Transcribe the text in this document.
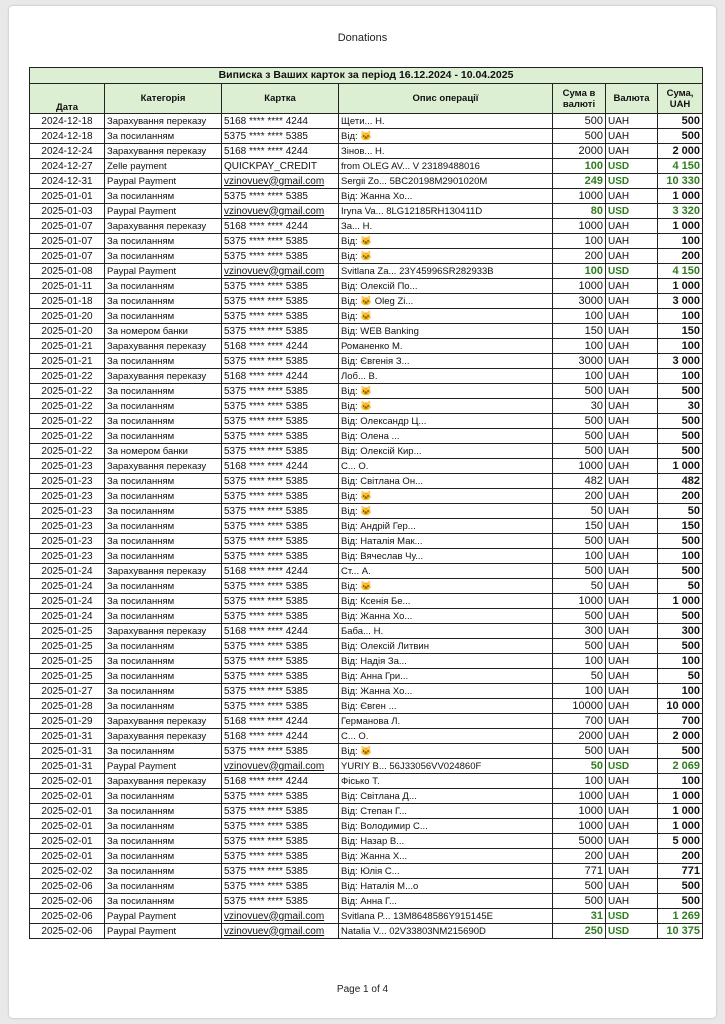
Donations
Виписка з Ваших карток за період 16.12.2024 - 10.04.2025						
Дата	Категорія	Картка	Опис операції	Сума в валюті	Валюта	Сума, UAH
2024-12-18	Зарахування переказу	5168 **** **** 4244	Щети... Н.	500	UAH	500
2024-12-18	За посиланням	5375 **** **** 5385	Від: 🐱	500	UAH	500
2024-12-24	Зарахування переказу	5168 **** **** 4244	Зінов... Н.	2000	UAH	2 000
2024-12-27	Zelle payment	QUICKPAY_CREDIT	from OLEG AV... V 23189488016	100	USD	4 150
2024-12-31	Paypal Payment	vzinovuev@gmail.com	Sergii Zo... 5BC20198M2901020M	249	USD	10 330
2025-01-01	За посиланням	5375 **** **** 5385	Від: Жанна Хо...	1000	UAH	1 000
2025-01-03	Paypal Payment	vzinovuev@gmail.com	Iryna Va... 8LG12185RH130411D	80	USD	3 320
2025-01-07	Зарахування переказу	5168 **** **** 4244	За... Н.	1000	UAH	1 000
2025-01-07	За посиланням	5375 **** **** 5385	Від: 🐱	100	UAH	100
2025-01-07	За посиланням	5375 **** **** 5385	Від: 🐱	200	UAH	200
2025-01-08	Paypal Payment	vzinovuev@gmail.com	Svitlana Za... 23Y45996SR282933B	100	USD	4 150
2025-01-11	За посиланням	5375 **** **** 5385	Від: Олексій По...	1000	UAH	1 000
2025-01-18	За посиланням	5375 **** **** 5385	Від: 🐱 Oleg Zi...	3000	UAH	3 000
2025-01-20	За посиланням	5375 **** **** 5385	Від: 🐱	100	UAH	100
2025-01-20	За номером банки	5375 **** **** 5385	Від: WEB Banking	150	UAH	150
2025-01-21	Зарахування переказу	5168 **** **** 4244	Романенко М.	100	UAH	100
2025-01-21	За посиланням	5375 **** **** 5385	Від: Євгенія З...	3000	UAH	3 000
2025-01-22	Зарахування переказу	5168 **** **** 4244	Лоб... В.	100	UAH	100
2025-01-22	За посиланням	5375 **** **** 5385	Від: 🐱	500	UAH	500
2025-01-22	За посиланням	5375 **** **** 5385	Від: 🐱	30	UAH	30
2025-01-22	За посиланням	5375 **** **** 5385	Від: Олександр Ц...	500	UAH	500
2025-01-22	За посиланням	5375 **** **** 5385	Від: Олена ...	500	UAH	500
2025-01-22	За номером банки	5375 **** **** 5385	Від: Олексій Кир...	500	UAH	500
2025-01-23	Зарахування переказу	5168 **** **** 4244	С... О.	1000	UAH	1 000
2025-01-23	За посиланням	5375 **** **** 5385	Від: Світлана Он...	482	UAH	482
2025-01-23	За посиланням	5375 **** **** 5385	Від: 🐱	200	UAH	200
2025-01-23	За посиланням	5375 **** **** 5385	Від: 🐱	50	UAH	50
2025-01-23	За посиланням	5375 **** **** 5385	Від: Андрій Гер...	150	UAH	150
2025-01-23	За посиланням	5375 **** **** 5385	Від: Наталія Мак...	500	UAH	500
2025-01-23	За посиланням	5375 **** **** 5385	Від: Вячеслав Чу...	100	UAH	100
2025-01-24	Зарахування переказу	5168 **** **** 4244	Ст... А.	500	UAH	500
2025-01-24	За посиланням	5375 **** **** 5385	Від: 🐱	50	UAH	50
2025-01-24	За посиланням	5375 **** **** 5385	Від: Ксенія Бе...	1000	UAH	1 000
2025-01-24	За посиланням	5375 **** **** 5385	Від: Жанна Хо...	500	UAH	500
2025-01-25	Зарахування переказу	5168 **** **** 4244	Баба... Н.	300	UAH	300
2025-01-25	За посиланням	5375 **** **** 5385	Від: Олексій Литвин	500	UAH	500
2025-01-25	За посиланням	5375 **** **** 5385	Від: Надія За...	100	UAH	100
2025-01-25	За посиланням	5375 **** **** 5385	Від: Анна Гри...	50	UAH	50
2025-01-27	За посиланням	5375 **** **** 5385	Від: Жанна Хо...	100	UAH	100
2025-01-28	За посиланням	5375 **** **** 5385	Від: Євген ...	10000	UAH	10 000
2025-01-29	Зарахування переказу	5168 **** **** 4244	Германова Л.	700	UAH	700
2025-01-31	Зарахування переказу	5168 **** **** 4244	С... О.	2000	UAH	2 000
2025-01-31	За посиланням	5375 **** **** 5385	Від: 🐱	500	UAH	500
2025-01-31	Paypal Payment	vzinovuev@gmail.com	YURIY B... 56J33056VV024860F	50	USD	2 069
2025-02-01	Зарахування переказу	5168 **** **** 4244	Фісько Т.	100	UAH	100
2025-02-01	За посиланням	5375 **** **** 5385	Від: Світлана Д...	1000	UAH	1 000
2025-02-01	За посиланням	5375 **** **** 5385	Від: Степан Г...	1000	UAH	1 000
2025-02-01	За посиланням	5375 **** **** 5385	Від: Володимир С...	1000	UAH	1 000
2025-02-01	За посиланням	5375 **** **** 5385	Від: Назар В...	5000	UAH	5 000
2025-02-01	За посиланням	5375 **** **** 5385	Від: Жанна Х...	200	UAH	200
2025-02-02	За посиланням	5375 **** **** 5385	Від: Юлія С...	771	UAH	771
2025-02-06	За посиланням	5375 **** **** 5385	Від: Наталія М...о	500	UAH	500
2025-02-06	За посиланням	5375 **** **** 5385	Від: Анна Г...	500	UAH	500
2025-02-06	Paypal Payment	vzinovuev@gmail.com	Svitlana P... 13M8648586Y915145E	31	USD	1 269
2025-02-06	Paypal Payment	vzinovuev@gmail.com	Natalia V... 02V33803NM215690D	250	USD	10 375
Page 1 of 4
